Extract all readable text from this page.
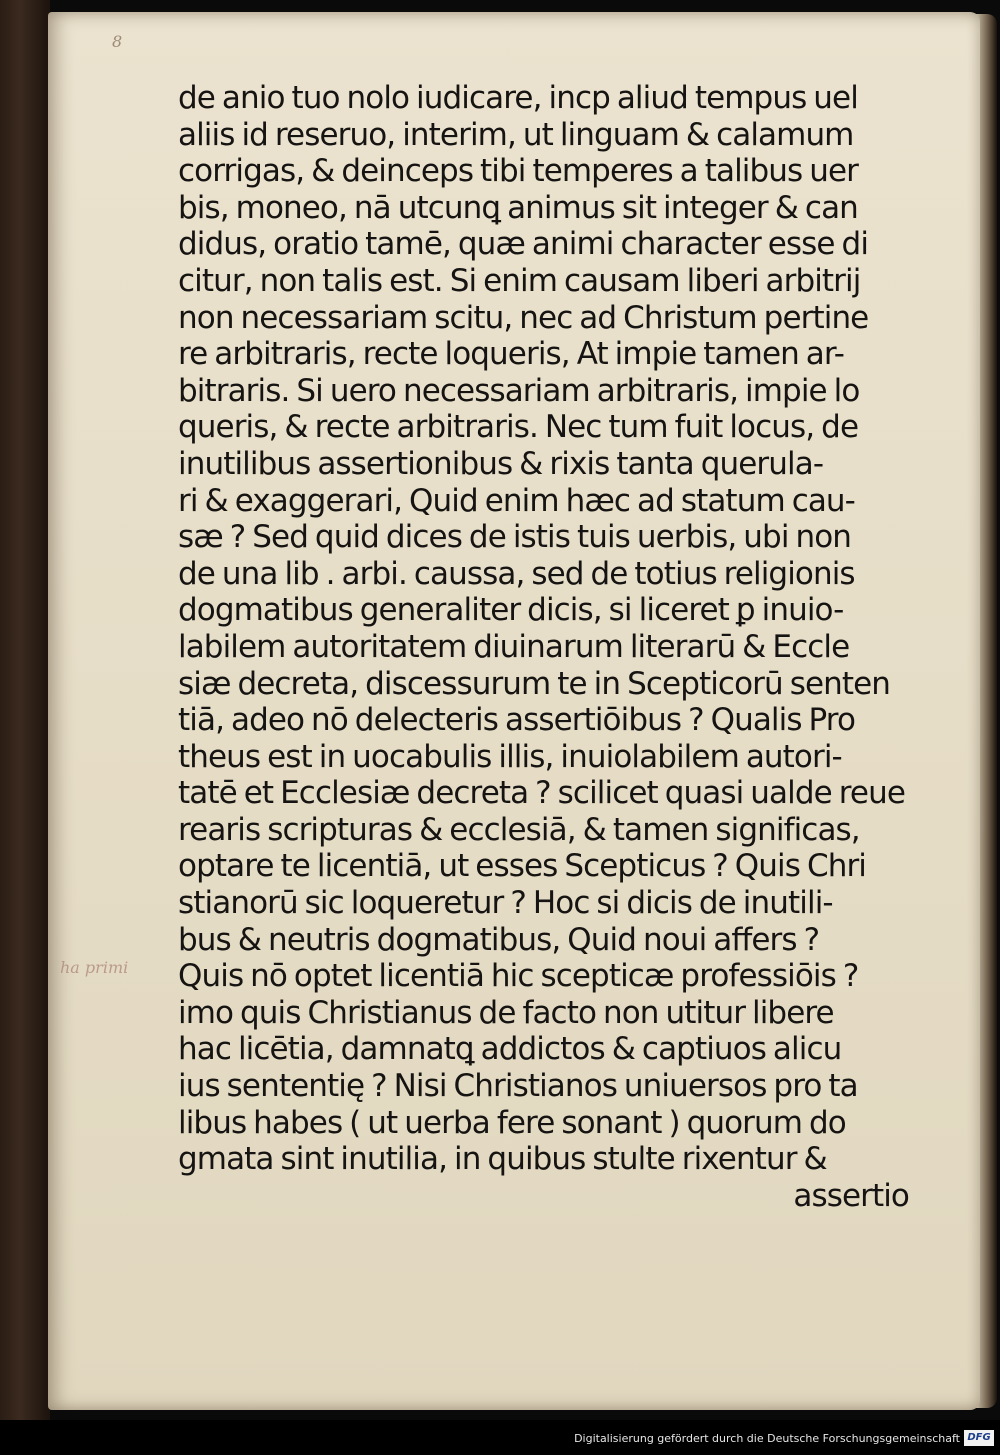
8
ha primi
de anio tuo nolo iudicare, incp aliud tempus uel
aliis id reseruo, interim, ut linguam & calamum
corrigas, & deinceps tibi temperes a talibus uer
bis, moneo, nā utcunꝗ animus sit integer & can
didus, oratio tamē, quæ animi character esse di
citur, non talis est. Si enim causam liberi arbitrij
non necessariam scitu, nec ad Christum pertine
re arbitraris, recte loqueris, At impie tamen ar-
bitraris. Si uero necessariam arbitraris, impie lo
queris, & recte arbitraris. Nec tum fuit locus, de
inutilibus assertionibus & rixis tanta querula-
ri & exaggerari, Quid enim hæc ad statum cau-
sæ ? Sed quid dices de istis tuis uerbis, ubi non
de una lib . arbi. caussa, sed de totius religionis
dogmatibus generaliter dicis, si liceret ꝑ inuio-
labilem autoritatem diuinarum literarū & Eccle
siæ decreta, discessurum te in Scepticorū senten
tiā, adeo nō delecteris assertiōibus ? Qualis Pro
theus est in uocabulis illis, inuiolabilem autori-
tatē et Ecclesiæ decreta ? scilicet quasi ualde reue
rearis scripturas & ecclesiā, & tamen significas,
optare te licentiā, ut esses Scepticus ? Quis Chri
stianorū sic loqueretur ? Hoc si dicis de inutili-
bus & neutris dogmatibus, Quid noui affers ?
Quis nō optet licentiā hic scepticæ professiōis ?
imo quis Christianus de facto non utitur libere
hac licētia, damnatꝗ addictos & captiuos alicu
ius sententię ? Nisi Christianos uniuersos pro ta
libus habes ( ut uerba fere sonant ) quorum do
gmata sint inutilia, in quibus stulte rixentur &
assertio
Digitalisierung gefördert durch die Deutsche Forschungsgemeinschaft DFG
